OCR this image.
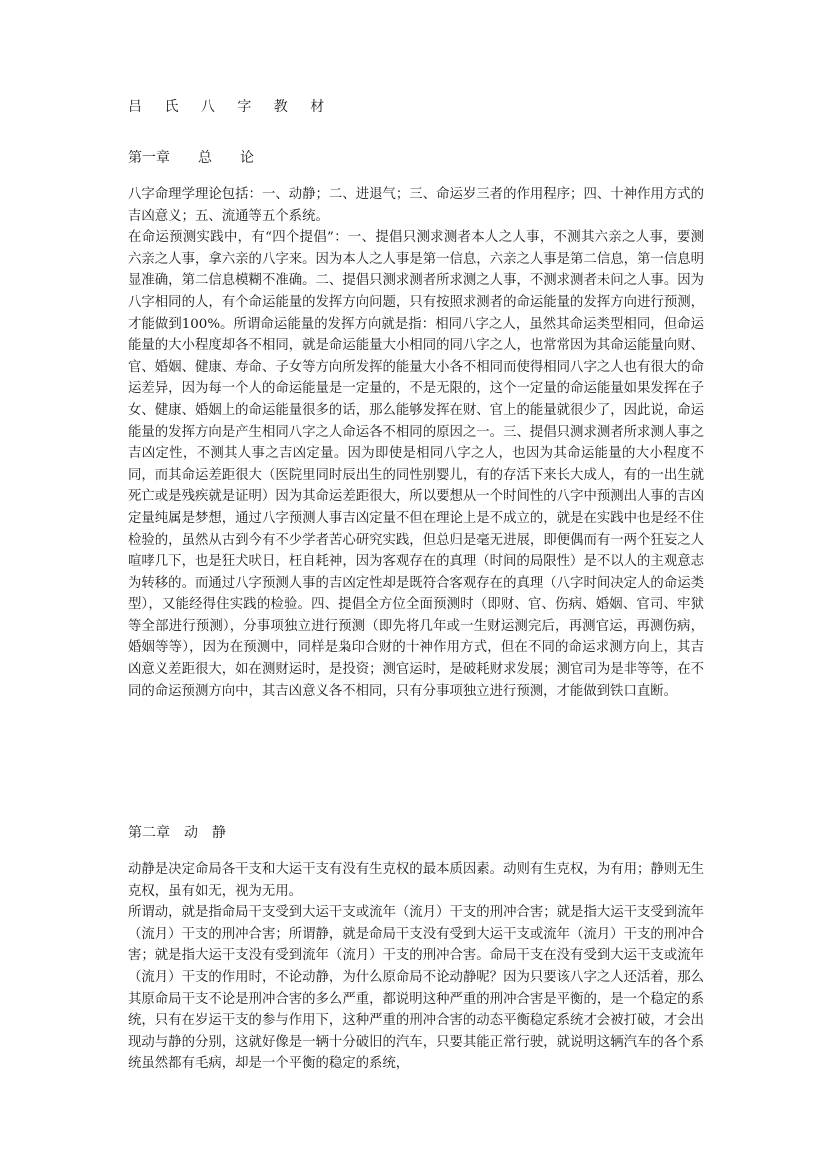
吕 氏 八 字 教 材
第一章　　总　　论

八字命理学理论包括：一、动静；二、进退气；三、命运岁三者的作用程序；四、十神作用方式的吉凶意义；五、流通等五个系统。

在命运预测实践中，有“四个提倡”：一、提倡只测求测者本人之人事，不测其六亲之人事，要测六亲之人事，拿六亲的八字来。因为本人之人事是第一信息，六亲之人事是第二信息，第一信息明显准确，第二信息模糊不准确。二、提倡只测求测者所求测之人事，不测求测者未问之人事。因为八字相同的人，有个命运能量的发挥方向问题，只有按照求测者的命运能量的发挥方向进行预测，才能做到100%。所谓命运能量的发挥方向就是指：相同八字之人，虽然其命运类型相同，但命运能量的大小程度却各不相同，就是命运能量大小相同的同八字之人，也常常因为其命运能量向财、官、婚姻、健康、寿命、子女等方向所发挥的能量大小各不相同而使得相同八字之人也有很大的命运差异，因为每一个人的命运能量是一定量的，不是无限的，这个一定量的命运能量如果发挥在子女、健康、婚姻上的命运能量很多的话，那么能够发挥在财、官上的能量就很少了，因此说，命运能量的发挥方向是产生相同八字之人命运各不相同的原因之一。三、提倡只测求测者所求测人事之吉凶定性，不测其人事之吉凶定量。因为即使是相同八字之人，也因为其命运能量的大小程度不同，而其命运差距很大（医院里同时辰出生的同性别婴儿，有的存活下来长大成人，有的一出生就死亡或是残疾就是证明）因为其命运差距很大，所以要想从一个时间性的八字中预测出人事的吉凶定量纯属是梦想，通过八字预测人事吉凶定量不但在理论上是不成立的，就是在实践中也是经不住检验的，虽然从古到今有不少学者苦心研究实践，但总归是毫无进展，即便偶而有一两个狂妄之人喧哮几下，也是狂犬吠日，枉自耗神，因为客观存在的真理（时间的局限性）是不以人的主观意志为转移的。而通过八字预测人事的吉凶定性却是既符合客观存在的真理（八字时间决定人的命运类型），又能经得住实践的检验。四、提倡全方位全面预测时（即财、官、伤病、婚姻、官司、牢狱等全部进行预测），分事项独立进行预测（即先将几年或一生财运测完后，再测官运，再测伤病，婚姻等等），因为在预测中，同样是枭印合财的十神作用方式，但在不同的命运求测方向上，其吉凶意义差距很大，如在测财运时，是投资；测官运时，是破耗财求发展；测官司为是非等等，在不同的命运预测方向中，其吉凶意义各不相同，只有分事项独立进行预测，才能做到铁口直断。

第二章　动　静

动静是决定命局各干支和大运干支有没有生克权的最本质因素。动则有生克权，为有用；静则无生克权，虽有如无，视为无用。

所谓动，就是指命局干支受到大运干支或流年（流月）干支的刑冲合害；就是指大运干支受到流年（流月）干支的刑冲合害；所谓静，就是命局干支没有受到大运干支或流年（流月）干支的刑冲合害；就是指大运干支没有受到流年（流月）干支的刑冲合害。命局干支在没有受到大运干支或流年（流月）干支的作用时，不论动静，为什么原命局不论动静呢？因为只要该八字之人还活着，那么其原命局干支不论是刑冲合害的多么严重，都说明这种严重的刑冲合害是平衡的，是一个稳定的系统，只有在岁运干支的参与作用下，这种严重的刑冲合害的动态平衡稳定系统才会被打破，才会出现动与静的分别，这就好像是一辆十分破旧的汽车，只要其能正常行驶，就说明这辆汽车的各个系统虽然都有毛病，却是一个平衡的稳定的系统，
